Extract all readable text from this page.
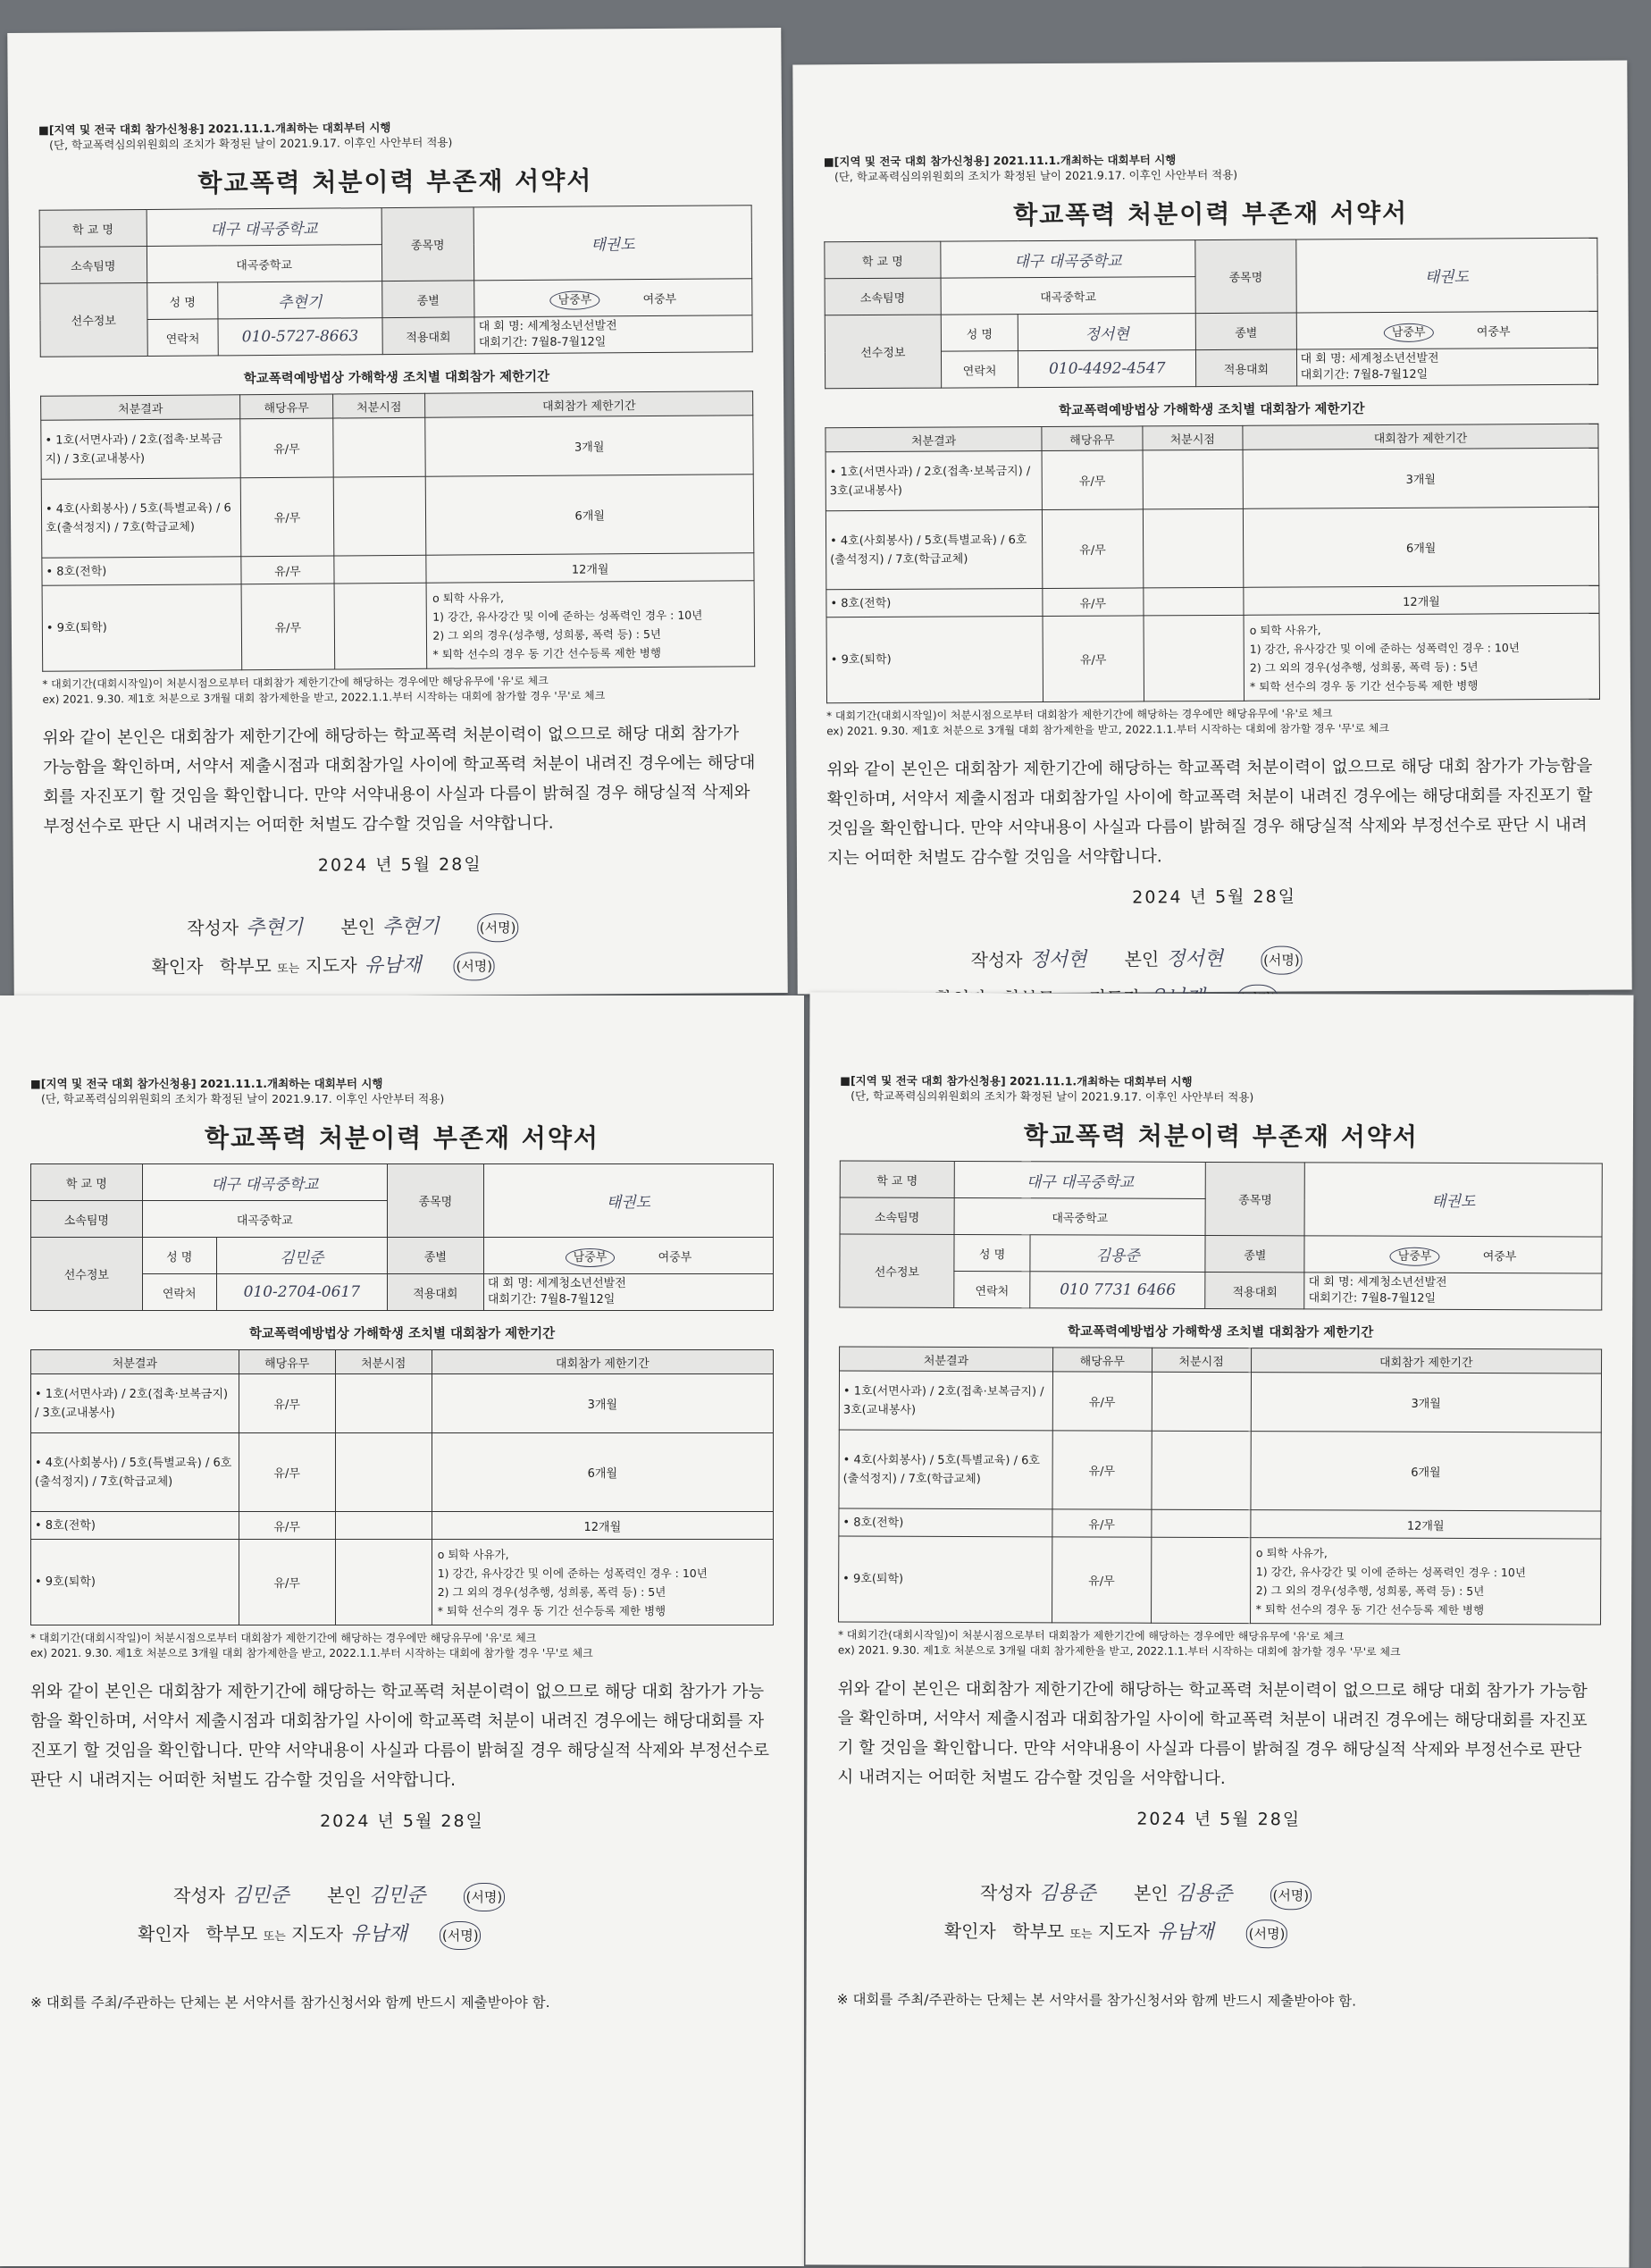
■[지역 및 전국 대회 참가신청용] 2021.11.1.개최하는 대회부터 시행
(단, 학교폭력심의위원회의 조치가 확정된 날이 2021.9.17. 이후인 사안부터 적용)
학교폭력 처분이력 부존재 서약서
학 교 명	대구 대곡중학교		종목명	태권도
소속팀명	대곡중학교			
선수정보	성 명	추현기	종별	남중부 여중부
	연락처	010-5727-8663	적용대회	대 회 명: 세계청소년선발전
대회기간: 7월8-7월12일
학교폭력예방법상 가해학생 조치별 대회참가 제한기간
처분결과	해당유무	처분시점	대회참가 제한기간
• 1호(서면사과) / 2호(접촉·보복금지) / 3호(교내봉사)	유/무		3개월
• 4호(사회봉사) / 5호(특별교육) / 6호(출석정지) / 7호(학급교체)	유/무		6개월
• 8호(전학)	유/무		12개월
• 9호(퇴학)	유/무		o 퇴학 사유가,
1) 강간, 유사강간 및 이에 준하는 성폭력인 경우 : 10년
2) 그 외의 경우(성추행, 성희롱, 폭력 등) : 5년
* 퇴학 선수의 경우 동 기간 선수등록 제한 병행
* 대회기간(대회시작일)이 처분시점으로부터 대회참가 제한기간에 해당하는 경우에만 해당유무에 '유'로 체크
ex) 2021. 9.30. 제1호 처분으로 3개월 대회 참가제한을 받고, 2022.1.1.부터 시작하는 대회에 참가할 경우 '무'로 체크
위와 같이 본인은 대회참가 제한기간에 해당하는 학교폭력 처분이력이 없으므로 해당 대회 참가가 가능함을 확인하며, 서약서 제출시점과 대회참가일 사이에 학교폭력 처분이 내려진 경우에는 해당대회를 자진포기 할 것임을 확인합니다. 만약 서약내용이 사실과 다름이 밝혀질 경우 해당실적 삭제와 부정선수로 판단 시 내려지는 어떠한 처벌도 감수할 것임을 서약합니다.
2024 년 5월 28일
작성자 추현기 본인 추현기	(서명)
확인자 학부모 또는 지도자 유남재	(서명)
■[지역 및 전국 대회 참가신청용] 2021.11.1.개최하는 대회부터 시행
(단, 학교폭력심의위원회의 조치가 확정된 날이 2021.9.17. 이후인 사안부터 적용)
학교폭력 처분이력 부존재 서약서
학 교 명	대구 대곡중학교		종목명	태권도
소속팀명	대곡중학교			
선수정보	성 명	정서현	종별	남중부 여중부
	연락처	010-4492-4547	적용대회	대 회 명: 세계청소년선발전
대회기간: 7월8-7월12일
학교폭력예방법상 가해학생 조치별 대회참가 제한기간
처분결과	해당유무	처분시점	대회참가 제한기간
• 1호(서면사과) / 2호(접촉·보복금지) / 3호(교내봉사)	유/무		3개월
• 4호(사회봉사) / 5호(특별교육) / 6호(출석정지) / 7호(학급교체)	유/무		6개월
• 8호(전학)	유/무		12개월
• 9호(퇴학)	유/무		o 퇴학 사유가,
1) 강간, 유사강간 및 이에 준하는 성폭력인 경우 : 10년
2) 그 외의 경우(성추행, 성희롱, 폭력 등) : 5년
* 퇴학 선수의 경우 동 기간 선수등록 제한 병행
* 대회기간(대회시작일)이 처분시점으로부터 대회참가 제한기간에 해당하는 경우에만 해당유무에 '유'로 체크
ex) 2021. 9.30. 제1호 처분으로 3개월 대회 참가제한을 받고, 2022.1.1.부터 시작하는 대회에 참가할 경우 '무'로 체크
위와 같이 본인은 대회참가 제한기간에 해당하는 학교폭력 처분이력이 없으므로 해당 대회 참가가 가능함을 확인하며, 서약서 제출시점과 대회참가일 사이에 학교폭력 처분이 내려진 경우에는 해당대회를 자진포기 할 것임을 확인합니다. 만약 서약내용이 사실과 다름이 밝혀질 경우 해당실적 삭제와 부정선수로 판단 시 내려지는 어떠한 처벌도 감수할 것임을 서약합니다.
2024 년 5월 28일
작성자 정서현 본인 정서현	(서명)
■[지역 및 전국 대회 참가신청용] 2021.11.1.개최하는 대회부터 시행
(단, 학교폭력심의위원회의 조치가 확정된 날이 2021.9.17. 이후인 사안부터 적용)
학교폭력 처분이력 부존재 서약서
학 교 명	대구 대곡중학교		종목명	태권도
소속팀명	대곡중학교			
선수정보	성 명	김민준	종별	남중부 여중부
	연락처	010-2704-0617	적용대회	대 회 명: 세계청소년선발전
대회기간: 7월8-7월12일
학교폭력예방법상 가해학생 조치별 대회참가 제한기간
처분결과	해당유무	처분시점	대회참가 제한기간
• 1호(서면사과) / 2호(접촉·보복금지) / 3호(교내봉사)	유/무		3개월
• 4호(사회봉사) / 5호(특별교육) / 6호(출석정지) / 7호(학급교체)	유/무		6개월
• 8호(전학)	유/무		12개월
• 9호(퇴학)	유/무		o 퇴학 사유가,
1) 강간, 유사강간 및 이에 준하는 성폭력인 경우 : 10년
2) 그 외의 경우(성추행, 성희롱, 폭력 등) : 5년
* 퇴학 선수의 경우 동 기간 선수등록 제한 병행
* 대회기간(대회시작일)이 처분시점으로부터 대회참가 제한기간에 해당하는 경우에만 해당유무에 '유'로 체크
ex) 2021. 9.30. 제1호 처분으로 3개월 대회 참가제한을 받고, 2022.1.1.부터 시작하는 대회에 참가할 경우 '무'로 체크
위와 같이 본인은 대회참가 제한기간에 해당하는 학교폭력 처분이력이 없으므로 해당 대회 참가가 가능함을 확인하며, 서약서 제출시점과 대회참가일 사이에 학교폭력 처분이 내려진 경우에는 해당대회를 자진포기 할 것임을 확인합니다. 만약 서약내용이 사실과 다름이 밝혀질 경우 해당실적 삭제와 부정선수로 판단 시 내려지는 어떠한 처벌도 감수할 것임을 서약합니다.
2024 년 5월 28일
작성자 김민준 본인 김민준	(서명)
확인자 학부모 또는 지도자 유남재	(서명)
※ 대회를 주최/주관하는 단체는 본 서약서를 참가신청서와 함께 반드시 제출받아야 함.
■[지역 및 전국 대회 참가신청용] 2021.11.1.개최하는 대회부터 시행
(단, 학교폭력심의위원회의 조치가 확정된 날이 2021.9.17. 이후인 사안부터 적용)
학교폭력 처분이력 부존재 서약서
학 교 명	대구 대곡중학교		종목명	태권도
소속팀명	대곡중학교			
선수정보	성 명	김용준	종별	남중부 여중부
	연락처	010 7731 6466	적용대회	대 회 명: 세계청소년선발전
대회기간: 7월8-7월12일
학교폭력예방법상 가해학생 조치별 대회참가 제한기간
처분결과	해당유무	처분시점	대회참가 제한기간
• 1호(서면사과) / 2호(접촉·보복금지) / 3호(교내봉사)	유/무		3개월
• 4호(사회봉사) / 5호(특별교육) / 6호(출석정지) / 7호(학급교체)	유/무		6개월
• 8호(전학)	유/무		12개월
• 9호(퇴학)	유/무		o 퇴학 사유가,
1) 강간, 유사강간 및 이에 준하는 성폭력인 경우 : 10년
2) 그 외의 경우(성추행, 성희롱, 폭력 등) : 5년
* 퇴학 선수의 경우 동 기간 선수등록 제한 병행
* 대회기간(대회시작일)이 처분시점으로부터 대회참가 제한기간에 해당하는 경우에만 해당유무에 '유'로 체크
ex) 2021. 9.30. 제1호 처분으로 3개월 대회 참가제한을 받고, 2022.1.1.부터 시작하는 대회에 참가할 경우 '무'로 체크
위와 같이 본인은 대회참가 제한기간에 해당하는 학교폭력 처분이력이 없으므로 해당 대회 참가가 가능함을 확인하며, 서약서 제출시점과 대회참가일 사이에 학교폭력 처분이 내려진 경우에는 해당대회를 자진포기 할 것임을 확인합니다. 만약 서약내용이 사실과 다름이 밝혀질 경우 해당실적 삭제와 부정선수로 판단 시 내려지는 어떠한 처벌도 감수할 것임을 서약합니다.
2024 년 5월 28일
작성자 김용준 본인 김용준	(서명)
확인자 학부모 또는 지도자 유남재	(서명)
※ 대회를 주최/주관하는 단체는 본 서약서를 참가신청서와 함께 반드시 제출받아야 함.
